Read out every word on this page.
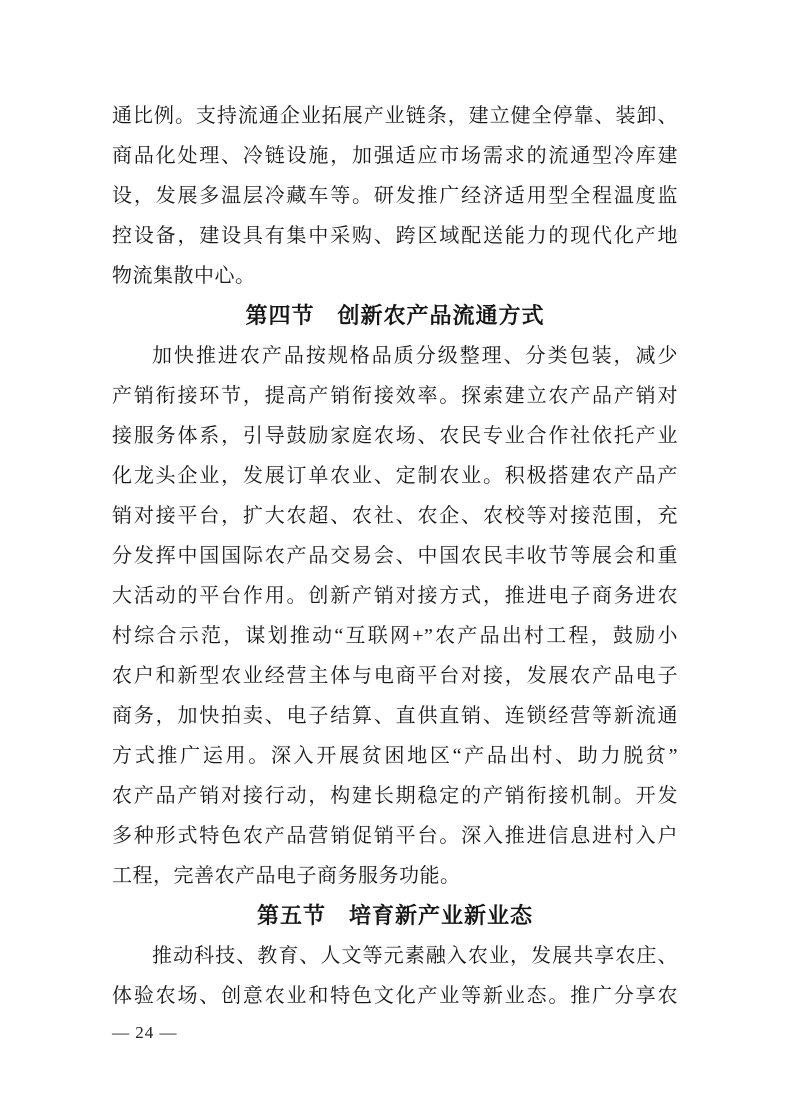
通比例。支持流通企业拓展产业链条，建立健全停靠、装卸、
商品化处理、冷链设施，加强适应市场需求的流通型冷库建
设，发展多温层冷藏车等。研发推广经济适用型全程温度监
控设备，建设具有集中采购、跨区域配送能力的现代化产地
物流集散中心。
第四节　创新农产品流通方式
加快推进农产品按规格品质分级整理、分类包装，减少
产销衔接环节，提高产销衔接效率。探索建立农产品产销对
接服务体系，引导鼓励家庭农场、农民专业合作社依托产业
化龙头企业，发展订单农业、定制农业。积极搭建农产品产
销对接平台，扩大农超、农社、农企、农校等对接范围，充
分发挥中国国际农产品交易会、中国农民丰收节等展会和重
大活动的平台作用。创新产销对接方式，推进电子商务进农
村综合示范，谋划推动“互联网+”农产品出村工程，鼓励小
农户和新型农业经营主体与电商平台对接，发展农产品电子
商务，加快拍卖、电子结算、直供直销、连锁经营等新流通
方式推广运用。深入开展贫困地区“产品出村、助力脱贫”
农产品产销对接行动，构建长期稳定的产销衔接机制。开发
多种形式特色农产品营销促销平台。深入推进信息进村入户
工程，完善农产品电子商务服务功能。
第五节　培育新产业新业态
推动科技、教育、人文等元素融入农业，发展共享农庄、
体验农场、创意农业和特色文化产业等新业态。推广分享农
— 24 —
